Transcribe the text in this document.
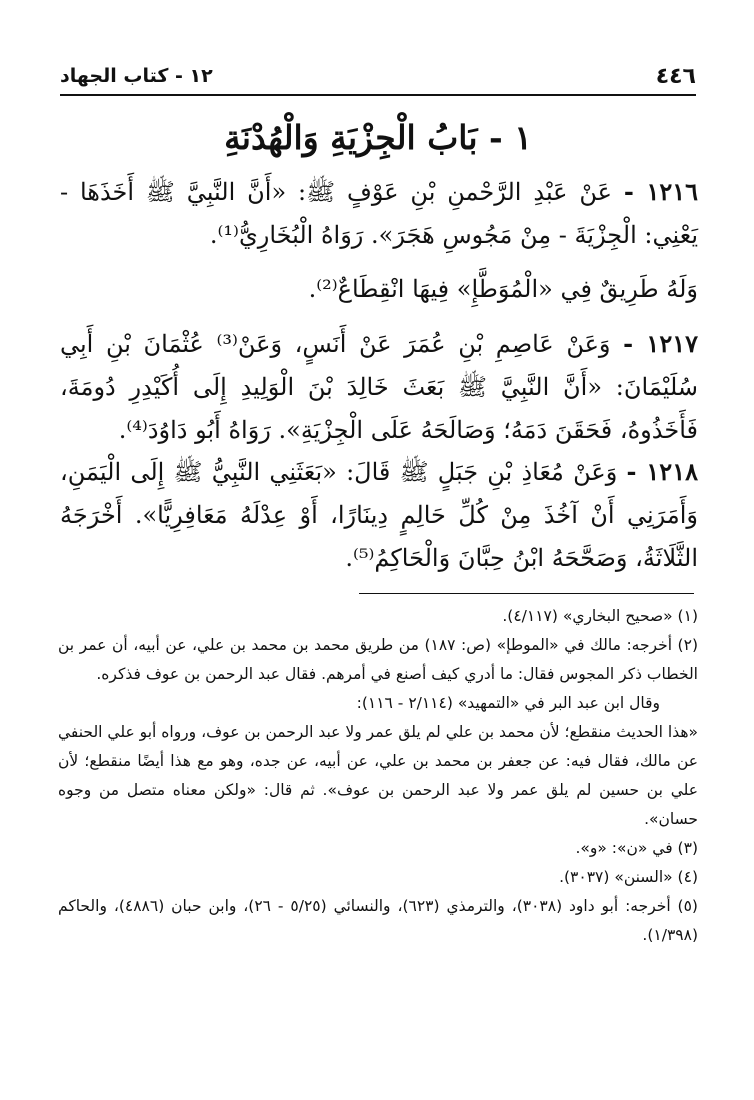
٤٤٦
١٢ - كتاب الجهاد
١ - بَابُ الْجِزْيَةِ وَالْهُدْنَةِ
١٢١٦ - عَنْ عَبْدِ الرَّحْمنِ بْنِ عَوْفٍ ﷺ: «أَنَّ النَّبِيَّ ﷺ أَخَذَهَا - يَعْنِي: الْجِزْيَةَ - مِنْ مَجُوسِ هَجَرَ». رَوَاهُ الْبُخَارِيُّ⁽¹⁾.
وَلَهُ طَرِيقٌ فِي «الْمُوَطَّإِ» فِيهَا انْقِطَاعٌ⁽²⁾.
١٢١٧ - وَعَنْ عَاصِمِ بْنِ عُمَرَ عَنْ أَنَسٍ، وَعَنْ⁽³⁾ عُثْمَانَ بْنِ أَبِي سُلَيْمَانَ: «أَنَّ النَّبِيَّ ﷺ بَعَثَ خَالِدَ بْنَ الْوَلِيدِ إِلَى أُكَيْدِرِ دُومَةَ، فَأَخَذُوهُ، فَحَقَنَ دَمَهُ؛ وَصَالَحَهُ عَلَى الْجِزْيَةِ». رَوَاهُ أَبُو دَاوُدَ⁽⁴⁾.
١٢١٨ - وَعَنْ مُعَاذِ بْنِ جَبَلٍ ﷺ قَالَ: «بَعَثَنِي النَّبِيُّ ﷺ إِلَى الْيَمَنِ، وَأَمَرَنِي أَنْ آخُذَ مِنْ كُلِّ حَالِمٍ دِينَارًا، أَوْ عِدْلَهُ مَعَافِرِيًّا». أَخْرَجَهُ الثَّلَاثَةُ، وَصَحَّحَهُ ابْنُ حِبَّانَ وَالْحَاكِمُ⁽⁵⁾.

(١) «صحيح البخاري» (٤/١١٧).

(٢) أخرجه: مالك في «الموطإ» (ص: ١٨٧) من طريق محمد بن محمد بن علي، عن أبيه، أن عمر بن الخطاب ذكر المجوس فقال: ما أدري كيف أصنع في أمرهم. فقال عبد الرحمن بن عوف فذكره.

وقال ابن عبد البر في «التمهيد» (٢/١١٤ - ١١٦):

«هذا الحديث منقطع؛ لأن محمد بن علي لم يلق عمر ولا عبد الرحمن بن عوف، ورواه أبو علي الحنفي عن مالك، فقال فيه: عن جعفر بن محمد بن علي، عن أبيه، عن جده، وهو مع هذا أيضًا منقطع؛ لأن علي بن حسين لم يلق عمر ولا عبد الرحمن بن عوف». ثم قال: «ولكن معناه متصل من وجوه حسان».

(٣) في «ن»: «و».

(٤) «السنن» (٣٠٣٧).

(٥) أخرجه: أبو داود (٣٠٣٨)، والترمذي (٦٢٣)، والنسائي (٥/٢٥ - ٢٦)، وابن حبان (٤٨٨٦)، والحاكم (١/٣٩٨).
